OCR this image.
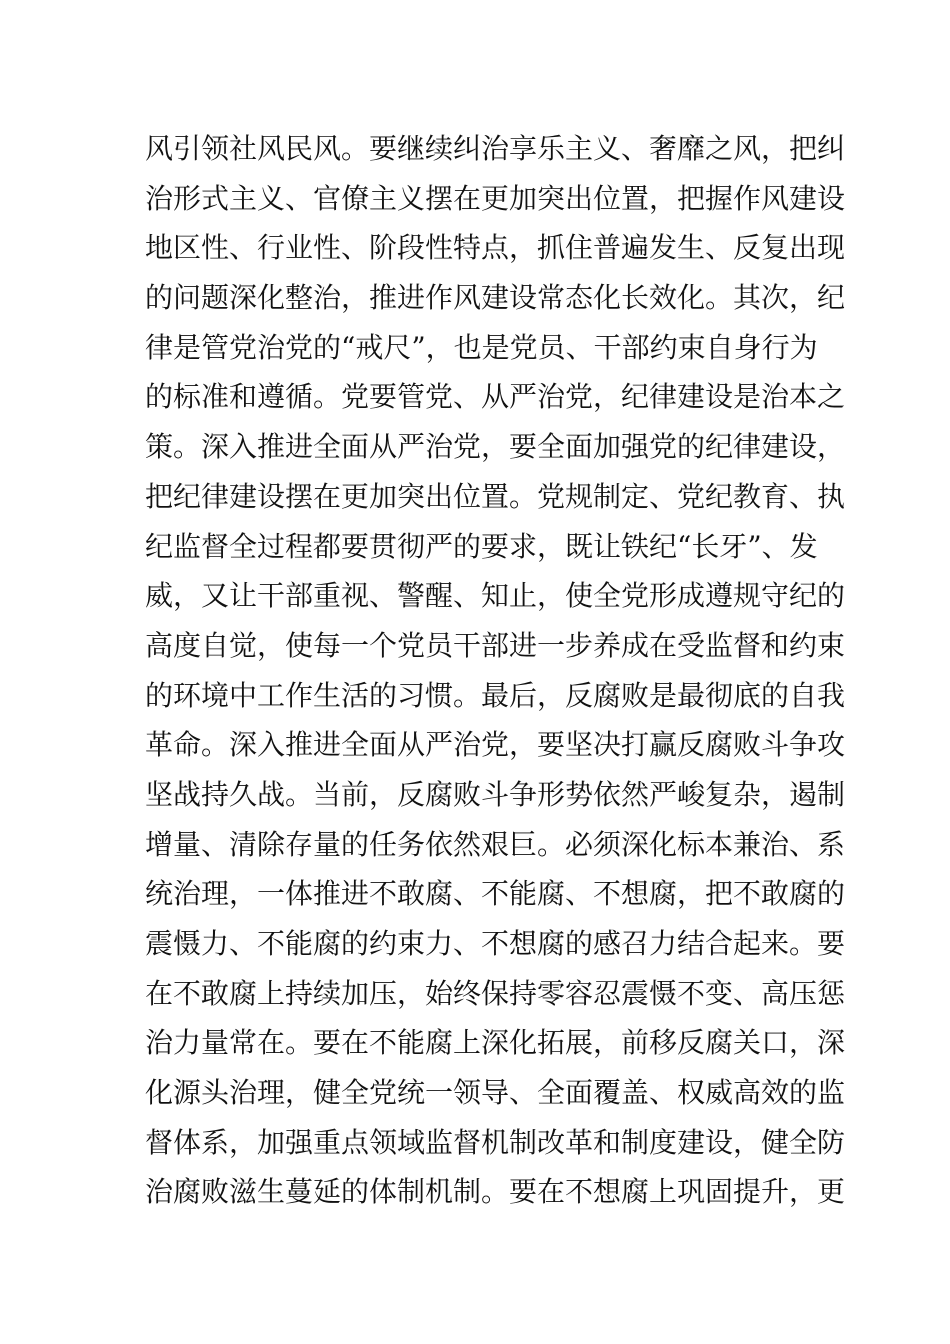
风引领社风民风。要继续纠治享乐主义、奢靡之风，把纠
治形式主义、官僚主义摆在更加突出位置，把握作风建设
地区性、行业性、阶段性特点，抓住普遍发生、反复出现
的问题深化整治，推进作风建设常态化长效化。其次，纪
律是管党治党的“戒尺”，也是党员、干部约束自身行为
的标准和遵循。党要管党、从严治党，纪律建设是治本之
策。深入推进全面从严治党，要全面加强党的纪律建设，
把纪律建设摆在更加突出位置。党规制定、党纪教育、执
纪监督全过程都要贯彻严的要求，既让铁纪“长牙”、发
威，又让干部重视、警醒、知止，使全党形成遵规守纪的
高度自觉，使每一个党员干部进一步养成在受监督和约束
的环境中工作生活的习惯。最后，反腐败是最彻底的自我
革命。深入推进全面从严治党，要坚决打赢反腐败斗争攻
坚战持久战。当前，反腐败斗争形势依然严峻复杂，遏制
增量、清除存量的任务依然艰巨。必须深化标本兼治、系
统治理，一体推进不敢腐、不能腐、不想腐，把不敢腐的
震慑力、不能腐的约束力、不想腐的感召力结合起来。要
在不敢腐上持续加压，始终保持零容忍震慑不变、高压惩
治力量常在。要在不能腐上深化拓展，前移反腐关口，深
化源头治理，健全党统一领导、全面覆盖、权威高效的监
督体系，加强重点领域监督机制改革和制度建设，健全防
治腐败滋生蔓延的体制机制。要在不想腐上巩固提升，更
